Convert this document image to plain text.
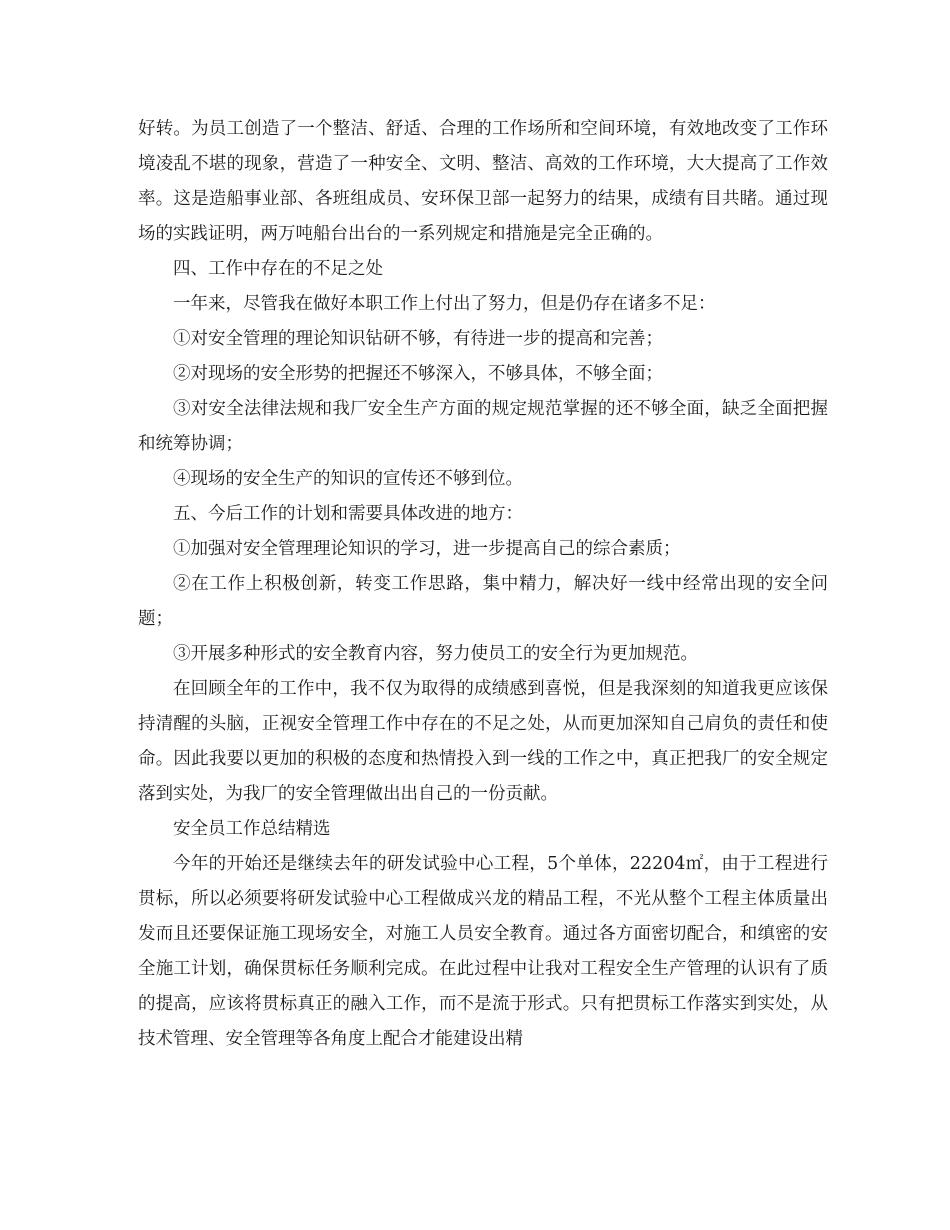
好转。为员工创造了一个整洁、舒适、合理的工作场所和空间环境，有效地改变了工作环境凌乱不堪的现象，营造了一种安全、文明、整洁、高效的工作环境，大大提高了工作效率。这是造船事业部、各班组成员、安环保卫部一起努力的结果，成绩有目共睹。通过现场的实践证明，两万吨船台出台的一系列规定和措施是完全正确的。

四、工作中存在的不足之处

一年来，尽管我在做好本职工作上付出了努力，但是仍存在诸多不足：

①对安全管理的理论知识钻研不够，有待进一步的提高和完善；

②对现场的安全形势的把握还不够深入，不够具体，不够全面；

③对安全法律法规和我厂安全生产方面的规定规范掌握的还不够全面，缺乏全面把握和统筹协调；

④现场的安全生产的知识的宣传还不够到位。

五、今后工作的计划和需要具体改进的地方：

①加强对安全管理理论知识的学习，进一步提高自己的综合素质；

②在工作上积极创新，转变工作思路，集中精力，解决好一线中经常出现的安全问题；

③开展多种形式的安全教育内容，努力使员工的安全行为更加规范。

在回顾全年的工作中，我不仅为取得的成绩感到喜悦，但是我深刻的知道我更应该保持清醒的头脑，正视安全管理工作中存在的不足之处，从而更加深知自己肩负的责任和使命。因此我要以更加的积极的态度和热情投入到一线的工作之中，真正把我厂的安全规定落到实处，为我厂的安全管理做出出自己的一份贡献。

安全员工作总结精选

今年的开始还是继续去年的研发试验中心工程，5个单体，22204㎡，由于工程进行贯标，所以必须要将研发试验中心工程做成兴龙的精品工程，不光从整个工程主体质量出发而且还要保证施工现场安全，对施工人员安全教育。通过各方面密切配合，和缜密的安全施工计划，确保贯标任务顺利完成。在此过程中让我对工程安全生产管理的认识有了质的提高，应该将贯标真正的融入工作，而不是流于形式。只有把贯标工作落实到实处，从技术管理、安全管理等各角度上配合才能建设出精
